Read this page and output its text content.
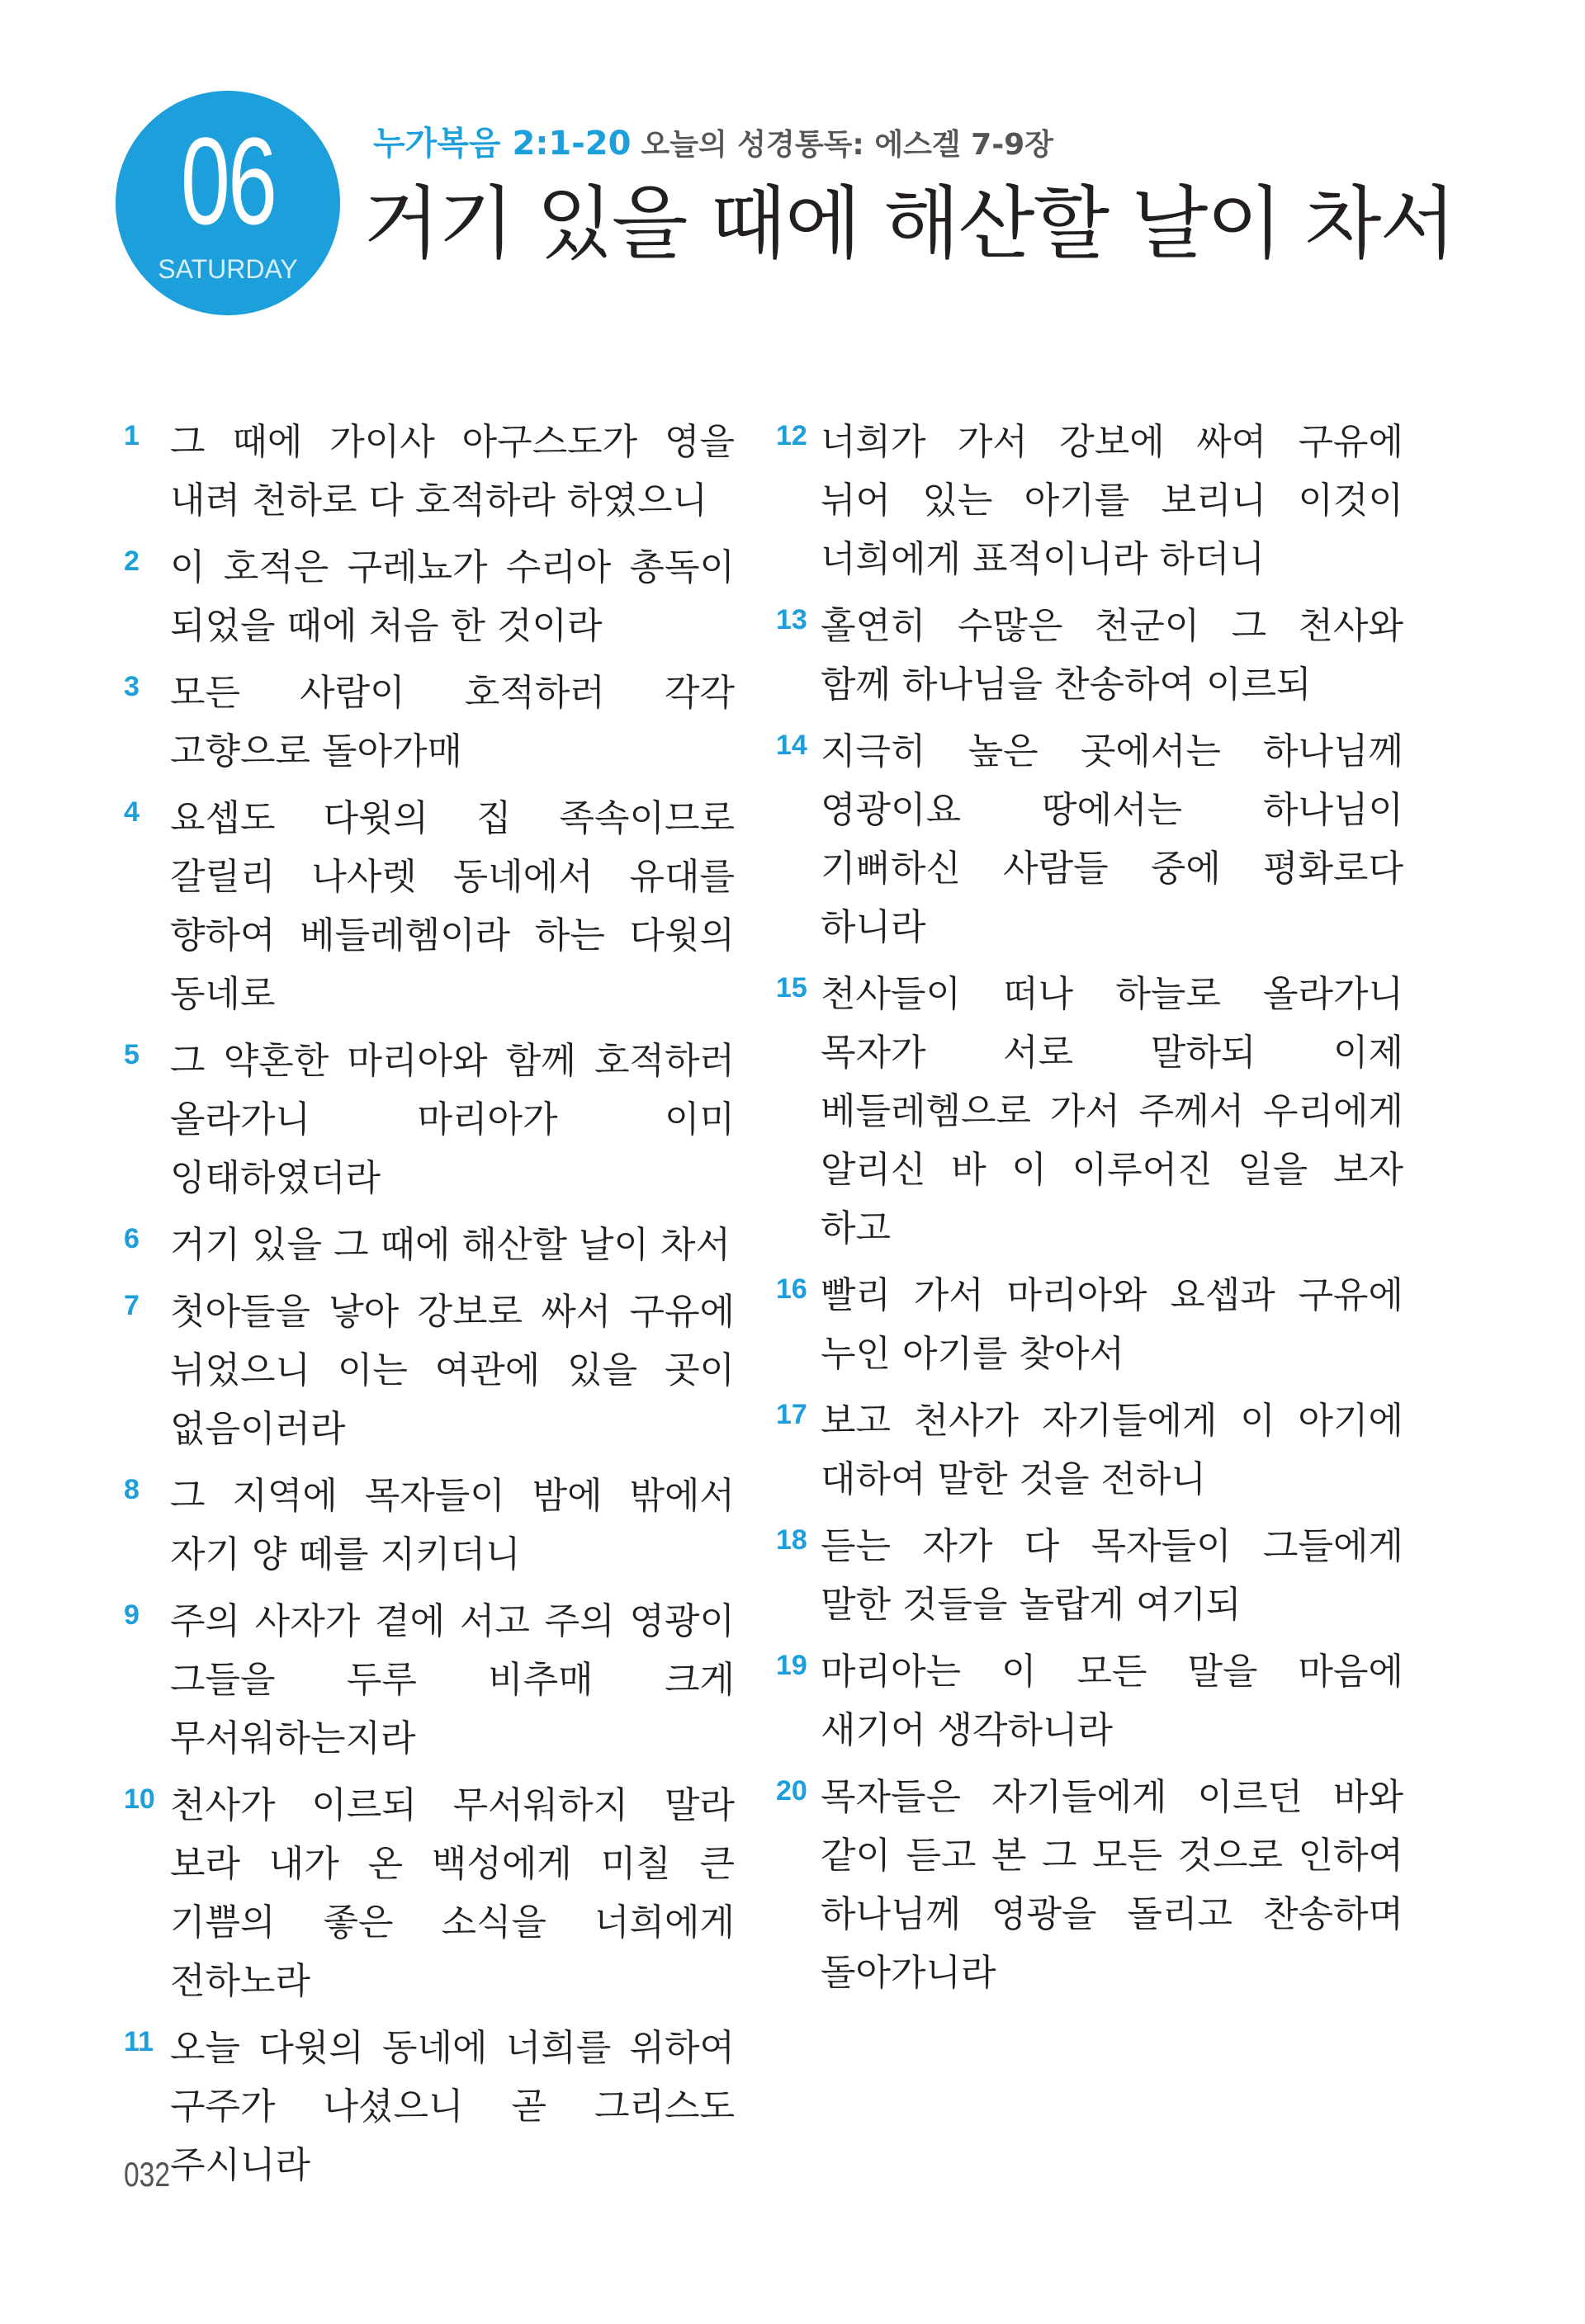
06
SATURDAY
누가복음 2:1-20 오늘의 성경통독: 에스겔 7-9장
거기 있을 때에 해산할 날이 차서
1 그 때에 가이사 아구스도가 영을 내려 천하로 다 호적하라 하였으니
2 이 호적은 구레뇨가 수리아 총독이 되었을 때에 처음 한 것이라
3 모든 사람이 호적하러 각각 고향으로 돌아가매
4 요셉도 다윗의 집 족속이므로 갈릴리 나사렛 동네에서 유대를 향하여 베들레헴이라 하는 다윗의 동네로
5 그 약혼한 마리아와 함께 호적하러 올라가니 마리아가 이미 잉태하였더라
6 거기 있을 그 때에 해산할 날이 차서
7 첫아들을 낳아 강보로 싸서 구유에 뉘었으니 이는 여관에 있을 곳이 없음이러라
8 그 지역에 목자들이 밤에 밖에서 자기 양 떼를 지키더니
9 주의 사자가 곁에 서고 주의 영광이 그들을 두루 비추매 크게 무서워하는지라
10 천사가 이르되 무서워하지 말라 보라 내가 온 백성에게 미칠 큰 기쁨의 좋은 소식을 너희에게 전하노라
11 오늘 다윗의 동네에 너희를 위하여 구주가 나셨으니 곧 그리스도 주시니라
12 너희가 가서 강보에 싸여 구유에 뉘어 있는 아기를 보리니 이것이 너희에게 표적이니라 하더니
13 홀연히 수많은 천군이 그 천사와 함께 하나님을 찬송하여 이르되
14 지극히 높은 곳에서는 하나님께 영광이요 땅에서는 하나님이 기뻐하신 사람들 중에 평화로다 하니라
15 천사들이 떠나 하늘로 올라가니 목자가 서로 말하되 이제 베들레헴으로 가서 주께서 우리에게 알리신 바 이 이루어진 일을 보자 하고
16 빨리 가서 마리아와 요셉과 구유에 누인 아기를 찾아서
17 보고 천사가 자기들에게 이 아기에 대하여 말한 것을 전하니
18 듣는 자가 다 목자들이 그들에게 말한 것들을 놀랍게 여기되
19 마리아는 이 모든 말을 마음에 새기어 생각하니라
20 목자들은 자기들에게 이르던 바와 같이 듣고 본 그 모든 것으로 인하여 하나님께 영광을 돌리고 찬송하며 돌아가니라
032
